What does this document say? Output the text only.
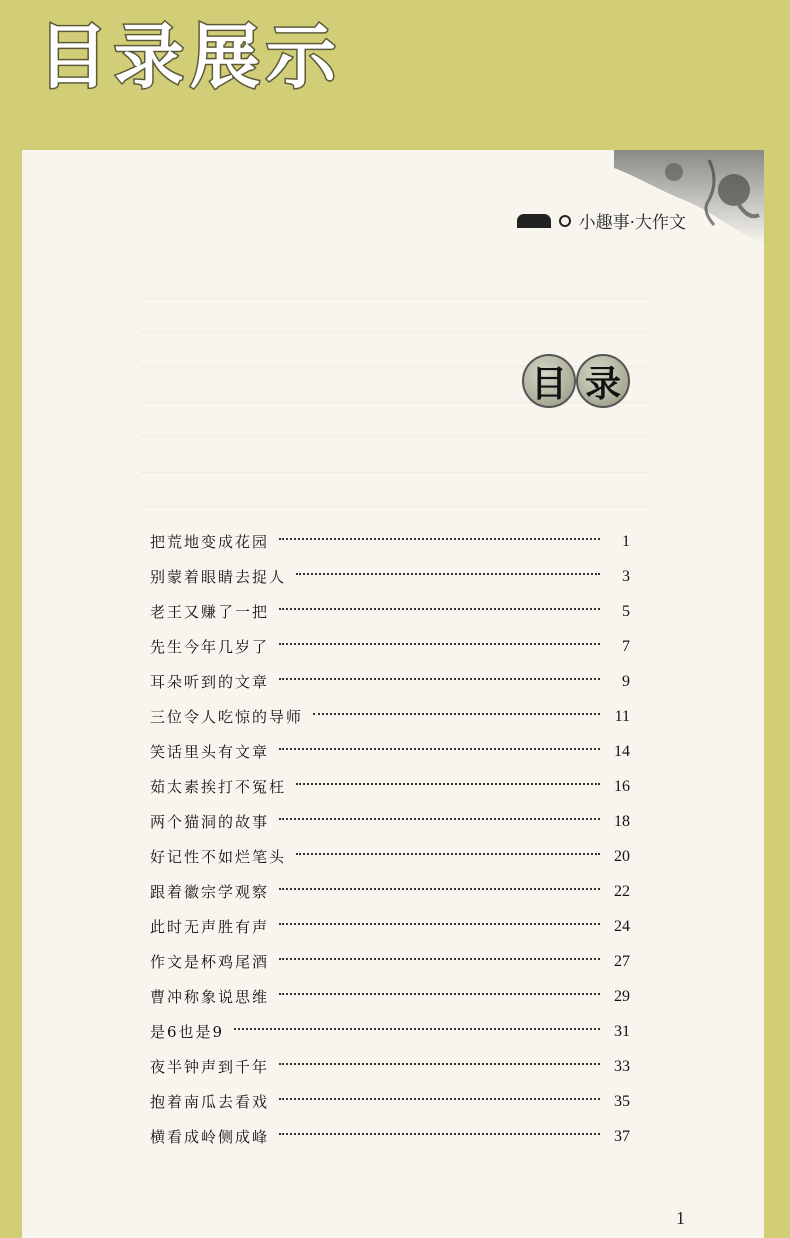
目录展示
小趣事·大作文
目 录
把荒地变成花园	1
别蒙着眼睛去捉人	3
老王又赚了一把	5
先生今年几岁了	7
耳朵听到的文章	9
三位令人吃惊的导师	11
笑话里头有文章	14
茹太素挨打不冤枉	16
两个猫洞的故事	18
好记性不如烂笔头	20
跟着徽宗学观察	22
此时无声胜有声	24
作文是杯鸡尾酒	27
曹冲称象说思维	29
是6也是9	31
夜半钟声到千年	33
抱着南瓜去看戏	35
横看成岭侧成峰	37
1
